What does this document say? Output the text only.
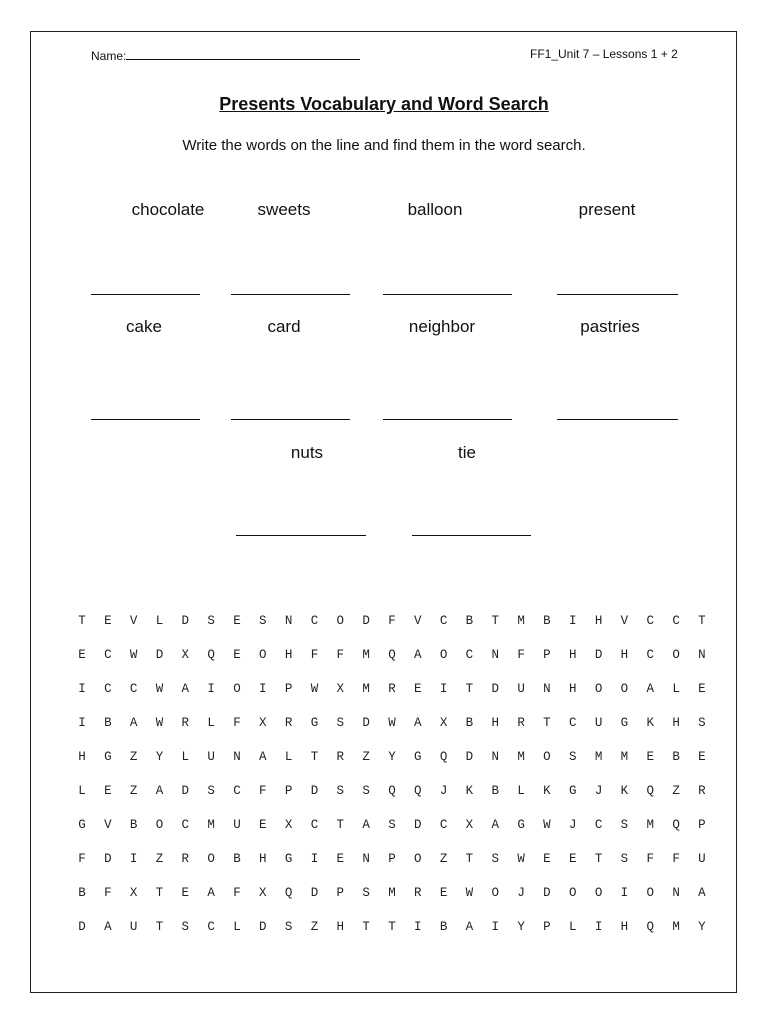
Name:	FF1_Unit 7 – Lessons 1 + 2
Presents Vocabulary and Word Search
Write the words on the line and find them in the word search.
chocolate	sweets	balloon	present
cake	card	neighbor	pastries
nuts	tie
T	E	V	L	D	S	E	S	N	C	O	D	F	V	C	B	T	M	B	I	H	V	C	C	T
E	C	W	D	X	Q	E	O	H	F	F	M	Q	A	O	C	N	F	P	H	D	H	C	O	N
I	C	C	W	A	I	O	I	P	W	X	M	R	E	I	T	D	U	N	H	O	O	A	L	E
I	B	A	W	R	L	F	X	R	G	S	D	W	A	X	B	H	R	T	C	U	G	K	H	S
H	G	Z	Y	L	U	N	A	L	T	R	Z	Y	G	Q	D	N	M	O	S	M	M	E	B	E
L	E	Z	A	D	S	C	F	P	D	S	S	Q	Q	J	K	B	L	K	G	J	K	Q	Z	R
G	V	B	O	C	M	U	E	X	C	T	A	S	D	C	X	A	G	W	J	C	S	M	Q	P
F	D	I	Z	R	O	B	H	G	I	E	N	P	O	Z	T	S	W	E	E	T	S	F	F	U
B	F	X	T	E	A	F	X	Q	D	P	S	M	R	E	W	O	J	D	O	O	I	O	N	A
D	A	U	T	S	C	L	D	S	Z	H	T	T	I	B	A	I	Y	P	L	I	H	Q	M	Y
